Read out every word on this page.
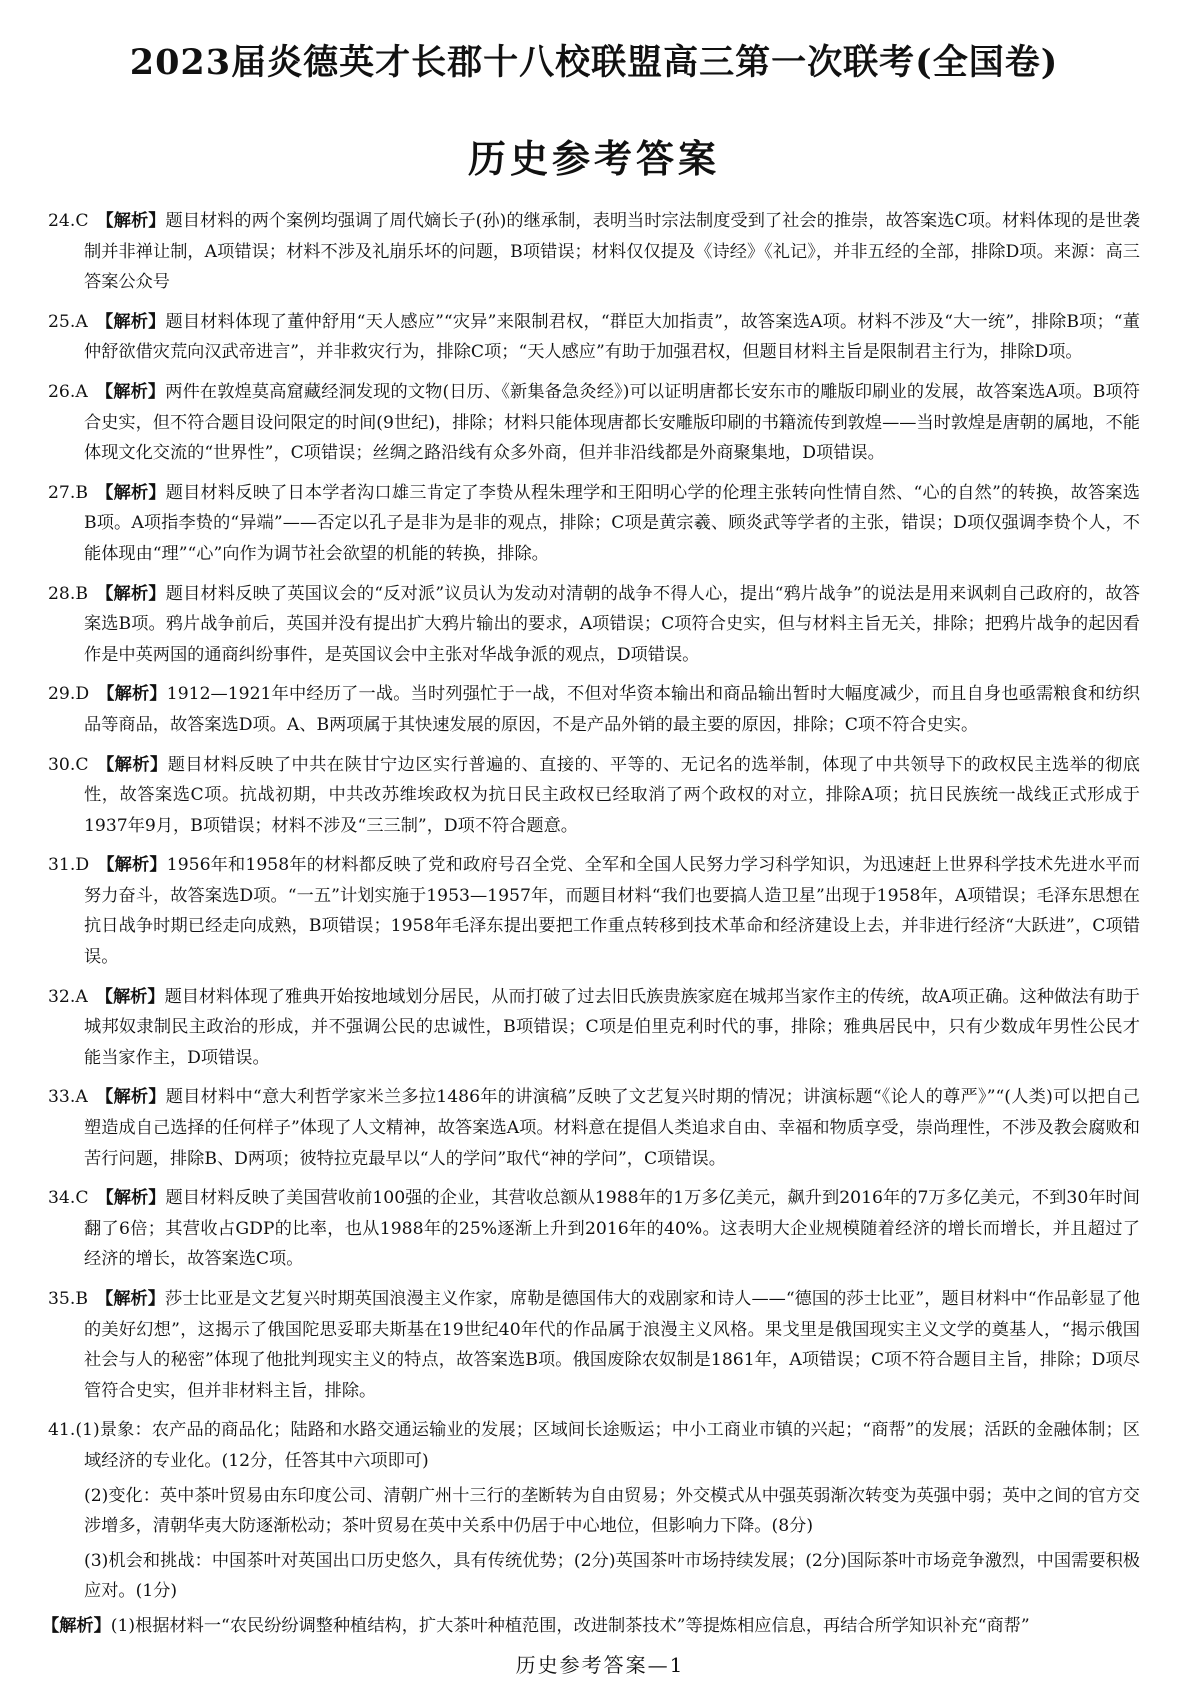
2023届炎德英才长郡十八校联盟高三第一次联考(全国卷)
历史参考答案

24.C 【解析】题目材料的两个案例均强调了周代嫡长子(孙)的继承制，表明当时宗法制度受到了社会的推崇，故答案选C项。材料体现的是世袭制并非禅让制，A项错误；材料不涉及礼崩乐坏的问题，B项错误；材料仅仅提及《诗经》《礼记》，并非五经的全部，排除D项。来源：高三答案公众号

25.A 【解析】题目材料体现了董仲舒用“天人感应”“灾异”来限制君权，“群臣大加指责”，故答案选A项。材料不涉及“大一统”，排除B项；“董仲舒欲借灾荒向汉武帝进言”，并非救灾行为，排除C项；“天人感应”有助于加强君权，但题目材料主旨是限制君主行为，排除D项。

26.A 【解析】两件在敦煌莫高窟藏经洞发现的文物(日历、《新集备急灸经》)可以证明唐都长安东市的雕版印刷业的发展，故答案选A项。B项符合史实，但不符合题目设问限定的时间(9世纪)，排除；材料只能体现唐都长安雕版印刷的书籍流传到敦煌——当时敦煌是唐朝的属地，不能体现文化交流的“世界性”，C项错误；丝绸之路沿线有众多外商，但并非沿线都是外商聚集地，D项错误。

27.B 【解析】题目材料反映了日本学者沟口雄三肯定了李贽从程朱理学和王阳明心学的伦理主张转向性情自然、“心的自然”的转换，故答案选B项。A项指李贽的“异端”——否定以孔子是非为是非的观点，排除；C项是黄宗羲、顾炎武等学者的主张，错误；D项仅强调李贽个人，不能体现由“理”“心”向作为调节社会欲望的机能的转换，排除。

28.B 【解析】题目材料反映了英国议会的“反对派”议员认为发动对清朝的战争不得人心，提出“鸦片战争”的说法是用来讽刺自己政府的，故答案选B项。鸦片战争前后，英国并没有提出扩大鸦片输出的要求，A项错误；C项符合史实，但与材料主旨无关，排除；把鸦片战争的起因看作是中英两国的通商纠纷事件，是英国议会中主张对华战争派的观点，D项错误。

29.D 【解析】1912—1921年中经历了一战。当时列强忙于一战，不但对华资本输出和商品输出暂时大幅度减少，而且自身也亟需粮食和纺织品等商品，故答案选D项。A、B两项属于其快速发展的原因，不是产品外销的最主要的原因，排除；C项不符合史实。

30.C 【解析】题目材料反映了中共在陕甘宁边区实行普遍的、直接的、平等的、无记名的选举制，体现了中共领导下的政权民主选举的彻底性，故答案选C项。抗战初期，中共改苏维埃政权为抗日民主政权已经取消了两个政权的对立，排除A项；抗日民族统一战线正式形成于1937年9月，B项错误；材料不涉及“三三制”，D项不符合题意。

31.D 【解析】1956年和1958年的材料都反映了党和政府号召全党、全军和全国人民努力学习科学知识，为迅速赶上世界科学技术先进水平而努力奋斗，故答案选D项。“一五”计划实施于1953—1957年，而题目材料“我们也要搞人造卫星”出现于1958年，A项错误；毛泽东思想在抗日战争时期已经走向成熟，B项错误；1958年毛泽东提出要把工作重点转移到技术革命和经济建设上去，并非进行经济“大跃进”，C项错误。

32.A 【解析】题目材料体现了雅典开始按地域划分居民，从而打破了过去旧氏族贵族家庭在城邦当家作主的传统，故A项正确。这种做法有助于城邦奴隶制民主政治的形成，并不强调公民的忠诚性，B项错误；C项是伯里克利时代的事，排除；雅典居民中，只有少数成年男性公民才能当家作主，D项错误。

33.A 【解析】题目材料中“意大利哲学家米兰多拉1486年的讲演稿”反映了文艺复兴时期的情况；讲演标题“《论人的尊严》”“(人类)可以把自己塑造成自己选择的任何样子”体现了人文精神，故答案选A项。材料意在提倡人类追求自由、幸福和物质享受，崇尚理性，不涉及教会腐败和苦行问题，排除B、D两项；彼特拉克最早以“人的学问”取代“神的学问”，C项错误。

34.C 【解析】题目材料反映了美国营收前100强的企业，其营收总额从1988年的1万多亿美元，飙升到2016年的7万多亿美元，不到30年时间翻了6倍；其营收占GDP的比率，也从1988年的25%逐渐上升到2016年的40%。这表明大企业规模随着经济的增长而增长，并且超过了经济的增长，故答案选C项。

35.B 【解析】莎士比亚是文艺复兴时期英国浪漫主义作家，席勒是德国伟大的戏剧家和诗人——“德国的莎士比亚”，题目材料中“作品彰显了他的美好幻想”，这揭示了俄国陀思妥耶夫斯基在19世纪40年代的作品属于浪漫主义风格。果戈里是俄国现实主义文学的奠基人，“揭示俄国社会与人的秘密”体现了他批判现实主义的特点，故答案选B项。俄国废除农奴制是1861年，A项错误；C项不符合题目主旨，排除；D项尽管符合史实，但并非材料主旨，排除。

41.(1)景象：农产品的商品化；陆路和水路交通运输业的发展；区域间长途贩运；中小工商业市镇的兴起；“商帮”的发展；活跃的金融体制；区域经济的专业化。(12分，任答其中六项即可)

(2)变化：英中茶叶贸易由东印度公司、清朝广州十三行的垄断转为自由贸易；外交模式从中强英弱渐次转变为英强中弱；英中之间的官方交涉增多，清朝华夷大防逐渐松动；茶叶贸易在英中关系中仍居于中心地位，但影响力下降。(8分)

(3)机会和挑战：中国茶叶对英国出口历史悠久，具有传统优势；(2分)英国茶叶市场持续发展；(2分)国际茶叶市场竞争激烈，中国需要积极应对。(1分)

【解析】(1)根据材料一“农民纷纷调整种植结构，扩大茶叶种植范围，改进制茶技术”等提炼相应信息，再结合所学知识补充“商帮”

历史参考答案—1
